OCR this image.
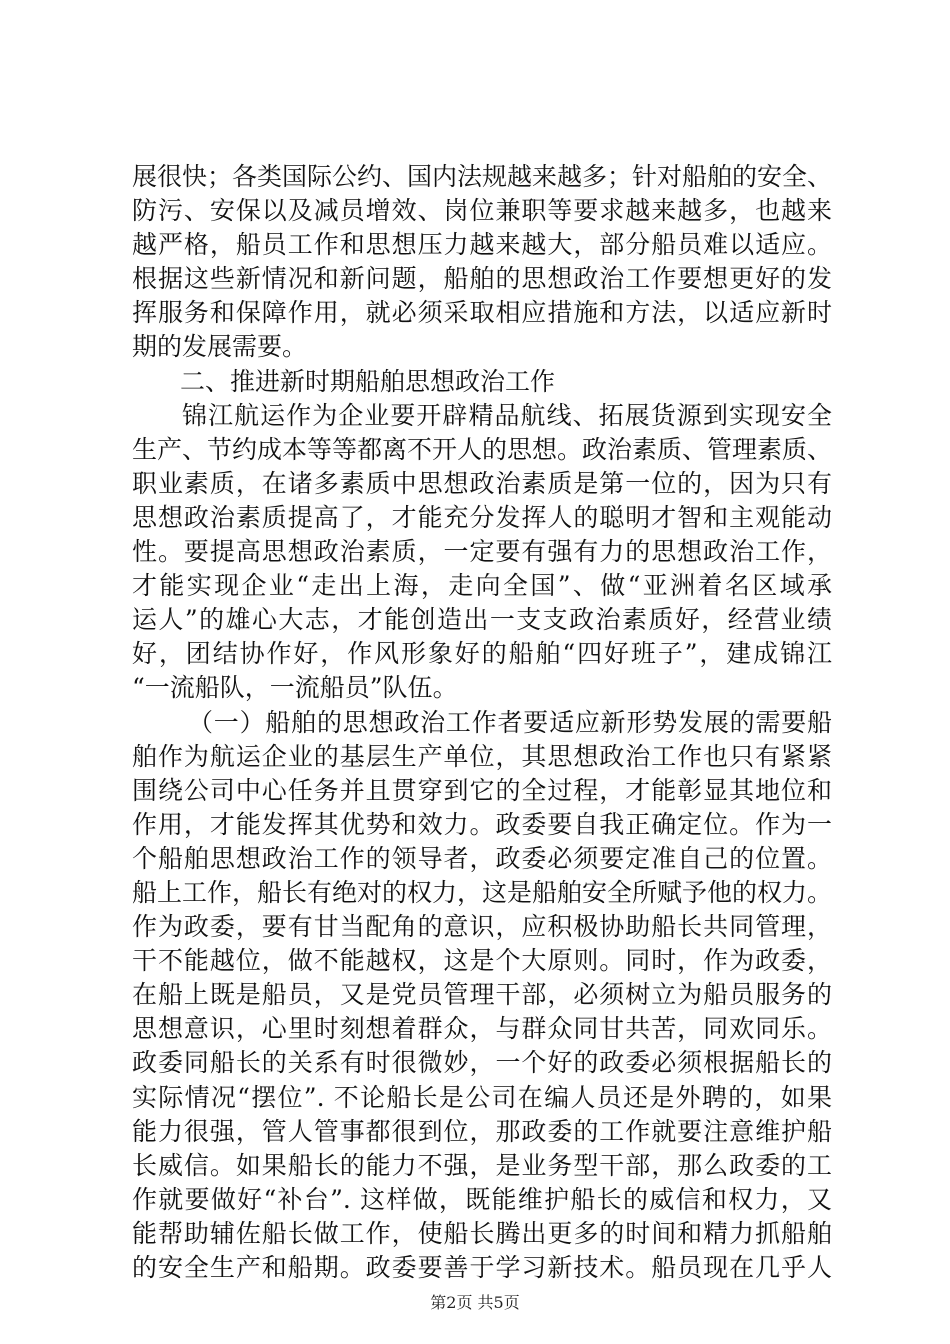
展很快；各类国际公约、国内法规越来越多；针对船舶的安全、
防污、安保以及减员增效、岗位兼职等要求越来越多，也越来
越严格，船员工作和思想压力越来越大，部分船员难以适应。
根据这些新情况和新问题，船舶的思想政治工作要想更好的发
挥服务和保障作用，就必须采取相应措施和方法，以适应新时
期的发展需要。
二、推进新时期船舶思想政治工作
锦江航运作为企业要开辟精品航线、拓展货源到实现安全
生产、节约成本等等都离不开人的思想。政治素质、管理素质、
职业素质，在诸多素质中思想政治素质是第一位的，因为只有
思想政治素质提高了，才能充分发挥人的聪明才智和主观能动
性。要提高思想政治素质，一定要有强有力的思想政治工作，
才能实现企业“走出上海，走向全国”、做“亚洲着名区域承
运人”的雄心大志，才能创造出一支支政治素质好，经营业绩
好，团结协作好，作风形象好的船舶“四好班子”，建成锦江
“一流船队，一流船员”队伍。
（一）船舶的思想政治工作者要适应新形势发展的需要船
舶作为航运企业的基层生产单位，其思想政治工作也只有紧紧
围绕公司中心任务并且贯穿到它的全过程，才能彰显其地位和
作用，才能发挥其优势和效力。政委要自我正确定位。作为一
个船舶思想政治工作的领导者，政委必须要定准自己的位置。
船上工作，船长有绝对的权力，这是船舶安全所赋予他的权力。
作为政委，要有甘当配角的意识，应积极协助船长共同管理，
干不能越位，做不能越权，这是个大原则。同时，作为政委，
在船上既是船员，又是党员管理干部，必须树立为船员服务的
思想意识，心里时刻想着群众，与群众同甘共苦，同欢同乐。
政委同船长的关系有时很微妙，一个好的政委必须根据船长的
实际情况“摆位”. 不论船长是公司在编人员还是外聘的，如果
能力很强，管人管事都很到位，那政委的工作就要注意维护船
长威信。如果船长的能力不强，是业务型干部，那么政委的工
作就要做好“补台”. 这样做，既能维护船长的威信和权力，又
能帮助辅佐船长做工作，使船长腾出更多的时间和精力抓船舶
的安全生产和船期。政委要善于学习新技术。船员现在几乎人
第2页 共5页
